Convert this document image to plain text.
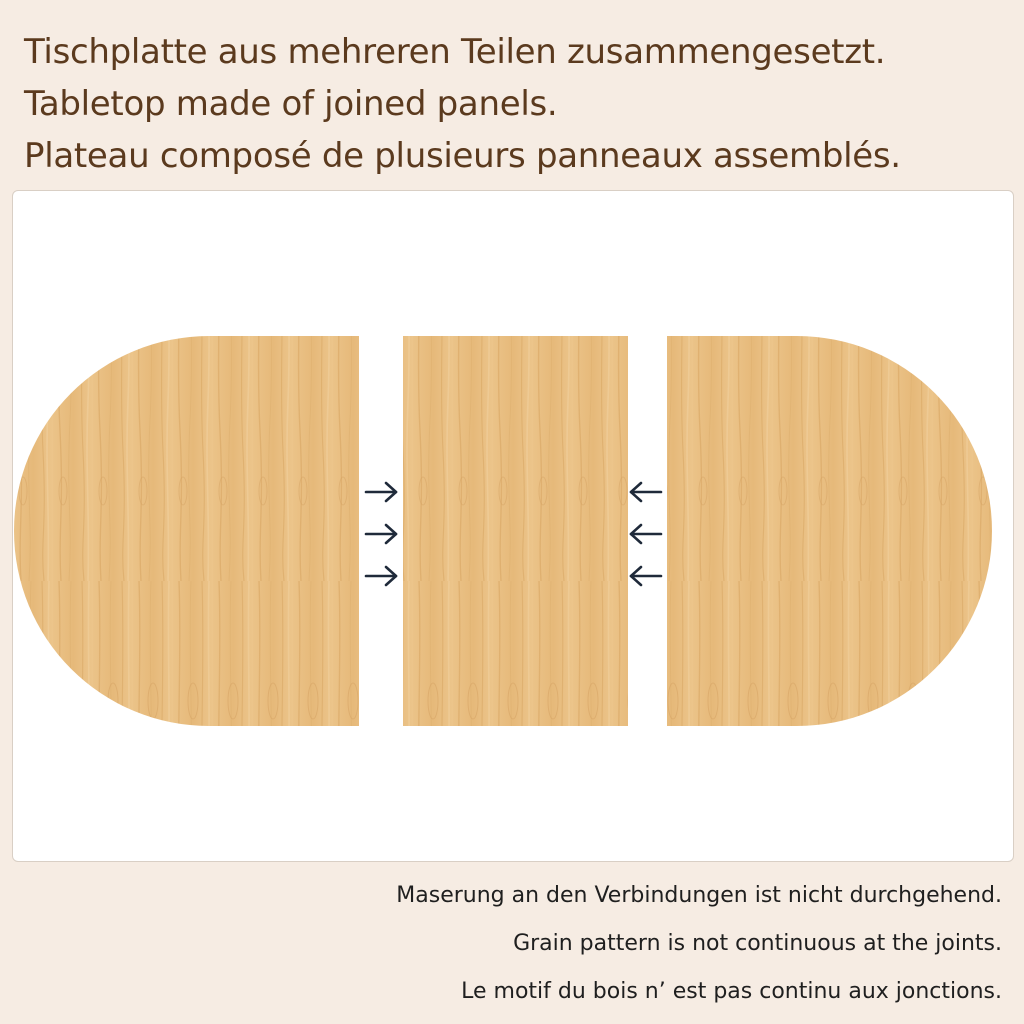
Tischplatte aus mehreren Teilen zusammengesetzt.
Tabletop made of joined panels.
Plateau composé de plusieurs panneaux assemblés.
Maserung an den Verbindungen ist nicht durchgehend.
Grain pattern is not continuous at the joints.
Le motif du bois n’ est pas continu aux jonctions.
